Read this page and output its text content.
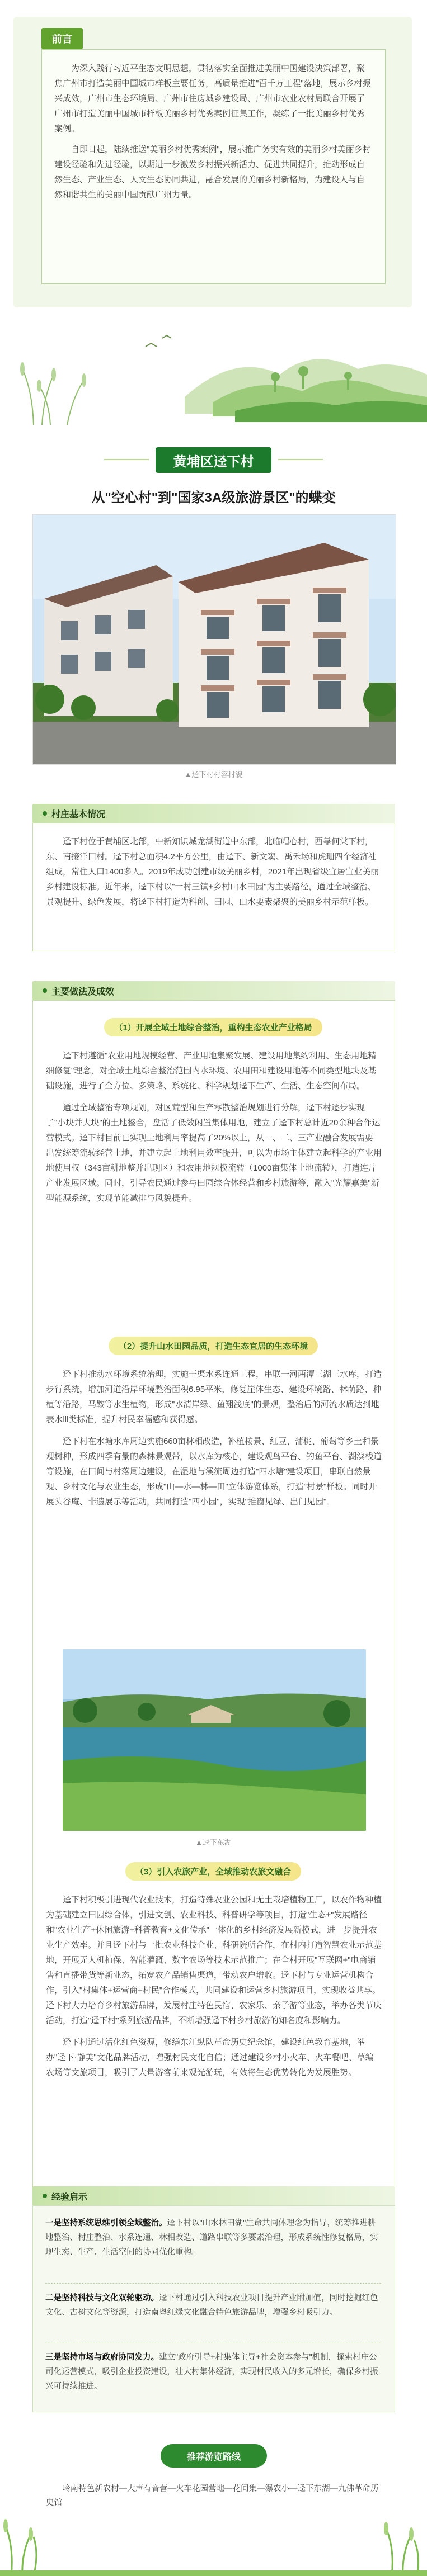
前言

为深入践行习近平生态文明思想，贯彻落实全面推进美丽中国建设决策部署，聚焦广州市打造美丽中国城市样板主要任务，高质量推进"百千万工程"落地，展示乡村振兴成效，广州市生态环境局、广州市住房城乡建设局、广州市农业农村局联合开展了广州市打造美丽中国城市样板美丽乡村优秀案例征集工作，凝练了一批美丽乡村优秀案例。

自即日起，陆续推送"美丽乡村优秀案例"，展示推广务实有效的美丽乡村美丽乡村建设经验和先进经验，以期进一步激发乡村振兴新活力、促进共同提升，推动形成自然生态、产业生态、人文生态协同共进，融合发展的美丽乡村新格局，为建设人与自然和谐共生的美丽中国贡献广州力量。

黄埔区迳下村
从"空心村"到"国家3A级旅游景区"的蝶变
▲迳下村村容村貌
村庄基本情况

迳下村位于黄埔区北部，中新知识城龙湖街道中东部，北临帽心村，西靠何棠下村，东、南接洋田村。迳下村总面积4.2平方公里，由迳下、新文窦、禹禾场和虎珊四个经济社组成，常住人口1400多人。2019年成功创建市级美丽乡村，2021年出现省级宜居宜业美丽乡村建设标准。近年来，迳下村以"一村三镇+乡村山水田园"为主要路径，通过全域整治、景观提升、绿色发展，将迳下村打造为科创、田园、山水要素聚聚的美丽乡村示范样板。

主要做法及成效
（1）开展全域土地综合整治，重构生态农业产业格局

迳下村遵循"农业用地规模经营、产业用地集聚发展、建设用地集约利用、生态用地精细修复"理念，对全域土地综合整治范围内水环境、农用田和建设用地等不同类型地块及基础设施，进行了全方位、多策略、系统化、科学规划迳下生产、生活、生态空间布局。

通过全域整治专项规划，对区荒型和生产零散整治规划进行分解，迳下村逐步实现了"小块并大块"的土地整合，盘活了低效闲置集体用地，建立了迳下村总计近20余种合作运营模式。迳下村目前已实现土地利用率提高了20%以上，从一、二、三产业融合发展需要出发统筹流转经营土地，并建立起土地利用效率提升，可以为市场主体建立起科学的产业用地使用权（343亩耕地整并出现区）和农用地规模流转（1000亩集体土地流转），打造连片产业发展区域。同时，引导农民通过参与田园综合体经营和乡村旅游等，融入"光耀嘉美"新型能源系统，实现节能减排与风貌提升。

（2）提升山水田园品质，打造生态宜居的生态环境

迳下村推动水环境系统治理，实施干渠水系连通工程，串联一河两潭三湖三水库，打造步行系统，增加河道沿岸环境整治面积6.95平米，修复崖体生态、建设环境路、林荫路、种植等沿路，马鞍等水生植物，形成"水清岸绿、鱼翔浅底"的景观，整治后的河流水质达到地表水Ⅲ类标准，提升村民幸福感和获得感。

迳下村在水塘水库周边实施660亩林相改造，补植桉景、红豆、蒲桃、葡萄等乡土和景观树种，形成四季有景的森林景观带，以水库为核心，建设观鸟平台、钓鱼平台、湖滨栈道等设施，在田间与村落周边建设，在湿地与溪流周边打造"四水塘"建设项目，串联自然景观、乡村文化与农业生态，形成"山—水—林—田"立体游览体系，打造"村景"样板。同时开展头谷庵、非遗展示等活动，共同打造"四小园"，实现"推窗见绿、出门见园"。

▲迳下东湖
（3）引入农旅产业，全域推动农旅文融合

迳下村积极引进现代农业技术，打造特殊农业公园和无土栽培植物工厂，以农作物种植为基础建立田园综合体，引进文创、农业科技、科普研学等项目，打造"生态+"发展路径和"农业生产+休闲旅游+科普教育+文化传承"一体化的乡村经济发展新模式，进一步提升农业生产效率。并且迳下村与一批农业科技企业、科研院所合作，在村内打造智慧农业示范基地，开展无人机植保、智能灌溉、数字农场等技术示范推广；在全村开展"互联网+"电商销售和直播带货等新业态，拓宽农产品销售渠道，带动农户增收。迳下村与专业运营机构合作，引入"村集体+运营商+村民"合作模式，共同建设和运营乡村旅游项目，实现收益共享。迳下村大力培育乡村旅游品牌，发展村庄特色民宿、农家乐、亲子游等业态，举办各类节庆活动，打造"迳下村"系列旅游品牌，不断增强迳下村乡村旅游的知名度和影响力。

迳下村通过活化红色资源，修缮东江纵队革命历史纪念馆，建设红色教育基地，举办"迳下·静美"文化品牌活动，增强村民文化自信；通过建设乡村小火车、火车餐吧、草编农场等文旅项目，吸引了大量游客前来观光游玩，有效将生态优势转化为发展胜势。

经验启示
一是坚持系统思维引领全域整治。迳下村以"山水林田湖"生命共同体理念为指导，统筹推进耕地整治、村庄整治、水系连通、林相改造、道路串联等多要素治理，形成系统性修复格局，实现生态、生产、生活空间的协同优化重构。
二是坚持科技与文化双轮驱动。迳下村通过引入科技农业项目提升产业附加值，同时挖掘红色文化、古树文化等资源，打造南粤红绿文化融合特色旅游品牌，增强乡村吸引力。
三是坚持市场与政府协同发力。建立"政府引导+村集体主导+社会资本参与"机制，探索村庄公司化运营模式，吸引企业投资建设，壮大村集体经济，实现村民收入的多元增长，确保乡村振兴可持续推进。
推荐游览路线
岭南特色新农村—大声有音营—火车花园营地—花间集—瀑农小—迳下东湖—九佛革命历史馆
